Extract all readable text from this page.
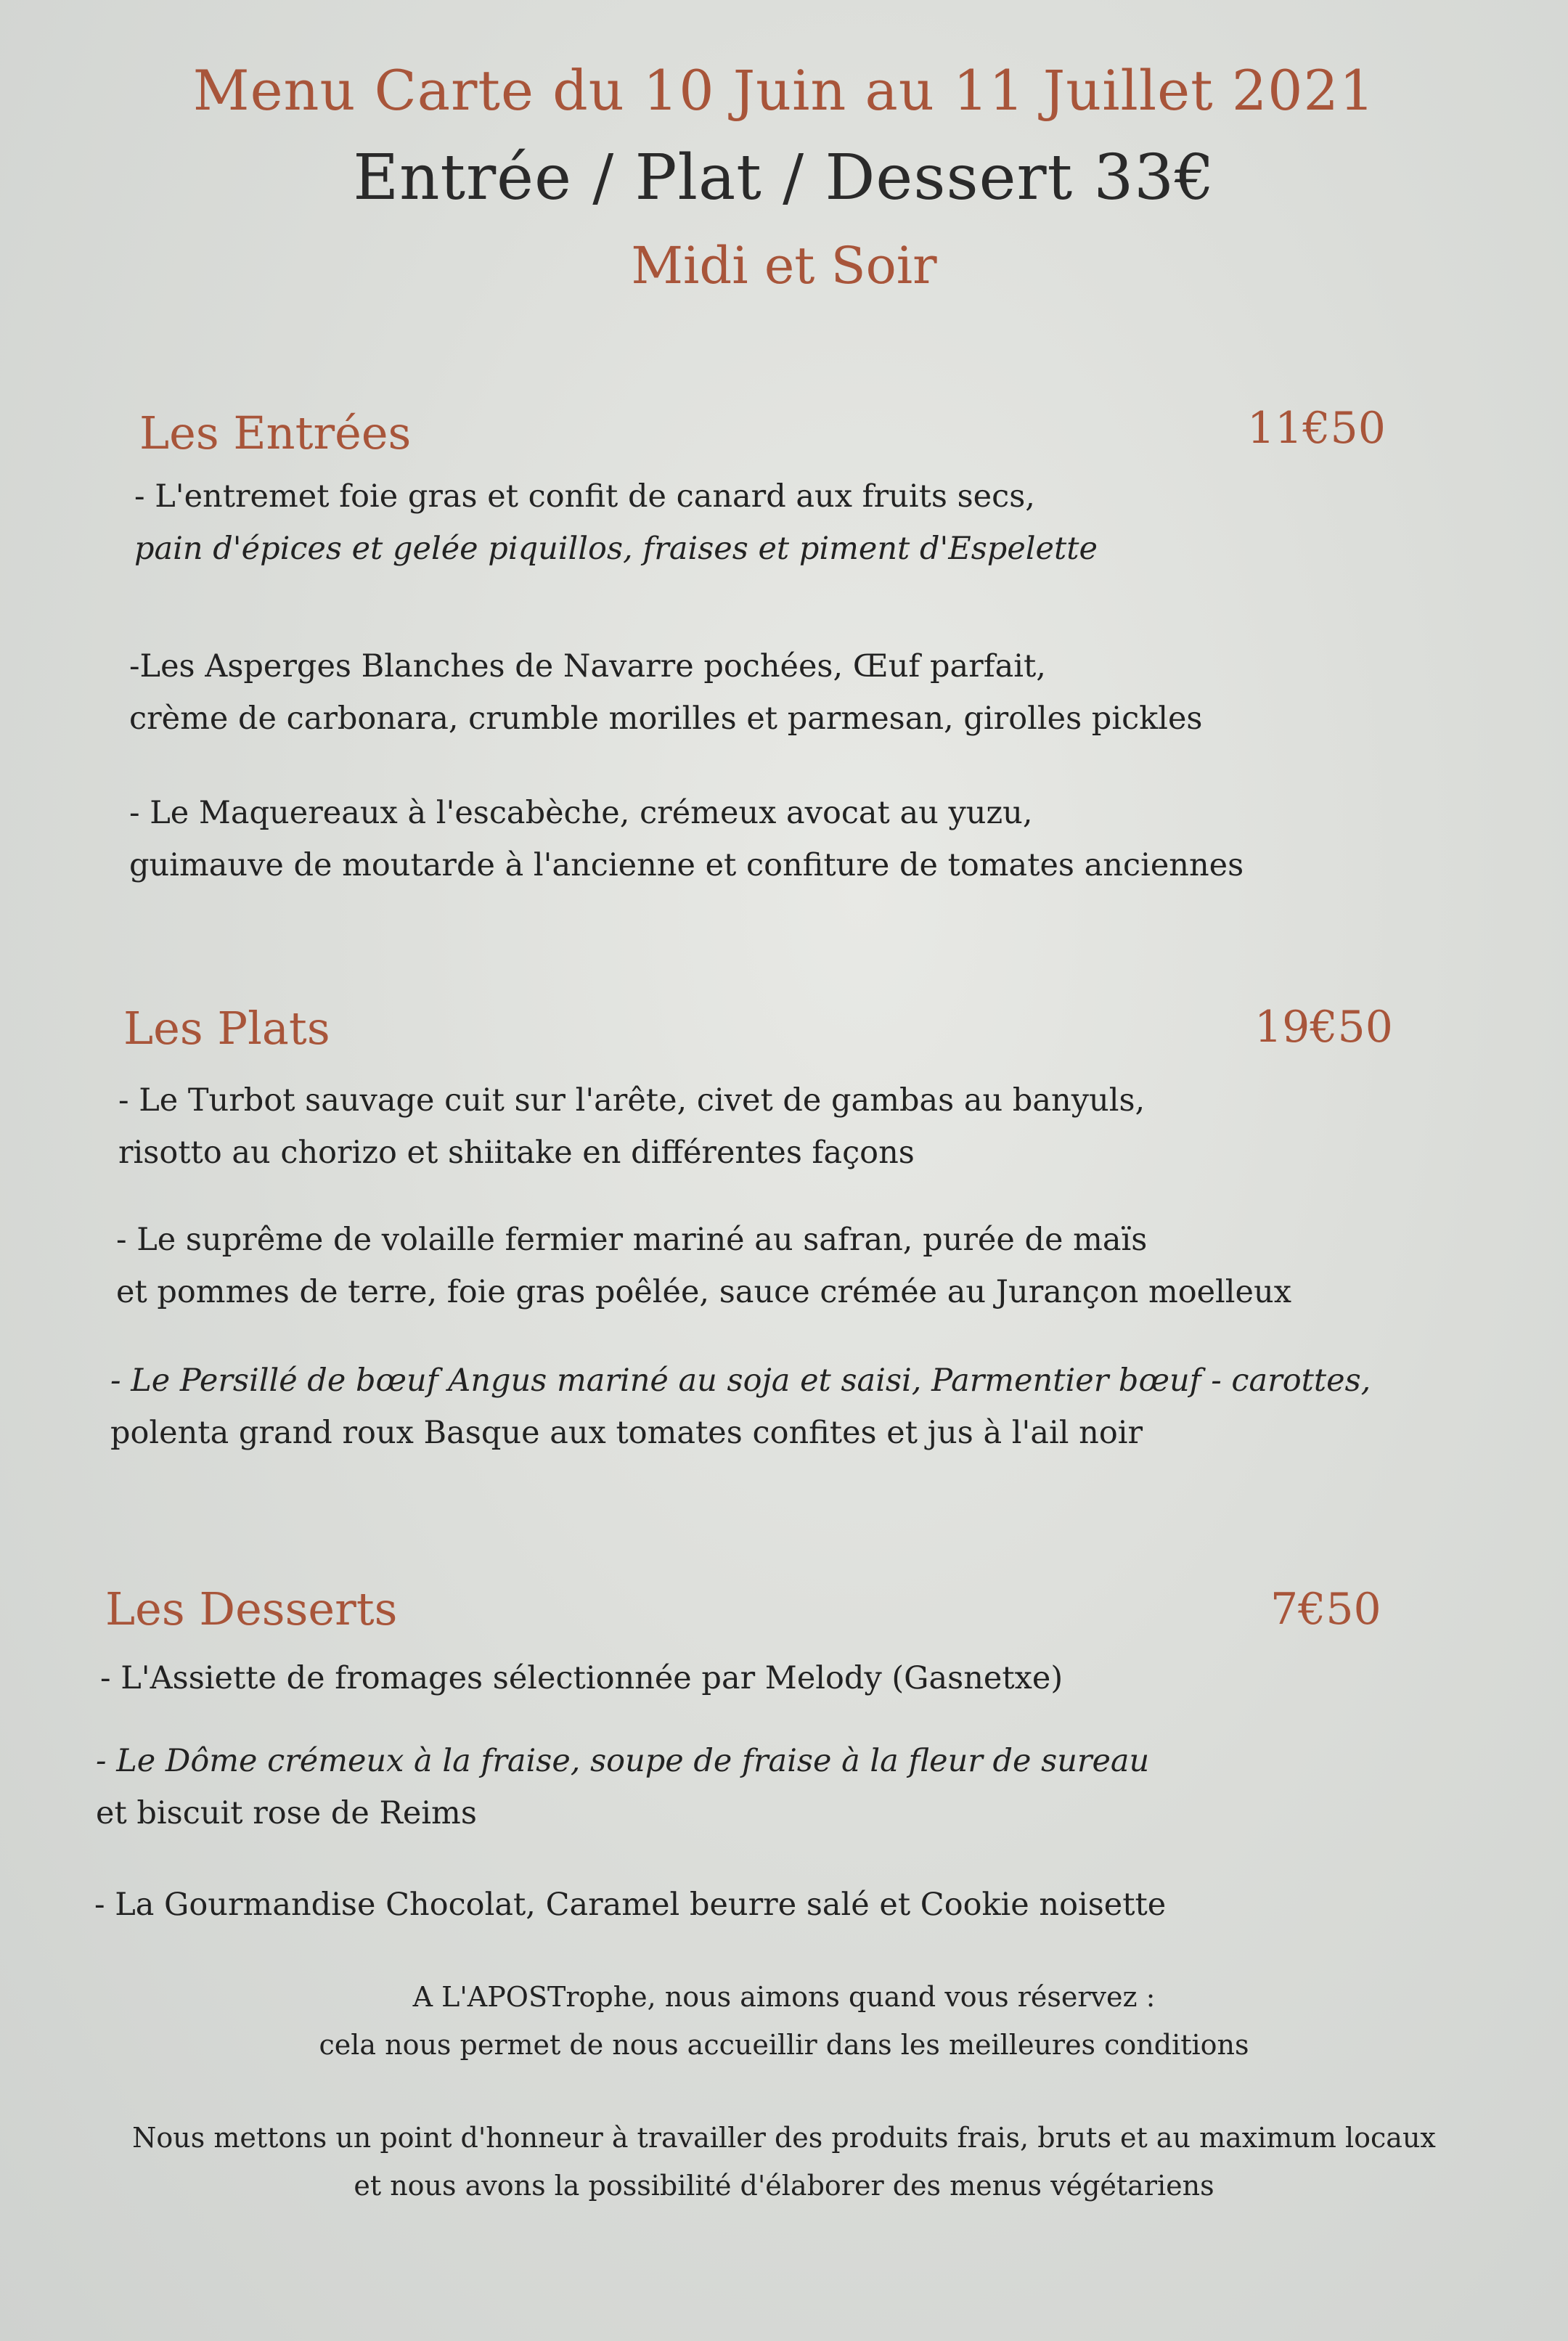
Menu Carte du 10 Juin au 11 Juillet 2021
Entrée / Plat / Dessert 33€
Midi et Soir
Les Entrées	11€50
- L'entremet foie gras et confit de canard aux fruits secs,
pain d'épices et gelée piquillos, fraises et piment d'Espelette
-Les Asperges Blanches de Navarre pochées, Œuf parfait,
crème de carbonara, crumble morilles et parmesan, girolles pickles
- Le Maquereaux à l'escabèche, crémeux avocat au yuzu,
guimauve de moutarde à l'ancienne et confiture de tomates anciennes
Les Plats	19€50
- Le Turbot sauvage cuit sur l'arête, civet de gambas au banyuls,
risotto au chorizo et shiitake en différentes façons
- Le suprême de volaille fermier mariné au safran, purée de maïs
et pommes de terre, foie gras poêlée, sauce crémée au Jurançon moelleux
- Le Persillé de bœuf Angus mariné au soja et saisi, Parmentier bœuf - carottes,
polenta grand roux Basque aux tomates confites et jus à l'ail noir
Les Desserts	7€50
- L'Assiette de fromages sélectionnée par Melody (Gasnetxe)
- Le Dôme crémeux à la fraise, soupe de fraise à la fleur de sureau
et biscuit rose de Reims
- La Gourmandise Chocolat, Caramel beurre salé et Cookie noisette
A L'APOSTrophe, nous aimons quand vous réservez :
cela nous permet de nous accueillir dans les meilleures conditions
Nous mettons un point d'honneur à travailler des produits frais, bruts et au maximum locaux
et nous avons la possibilité d'élaborer des menus végétariens
